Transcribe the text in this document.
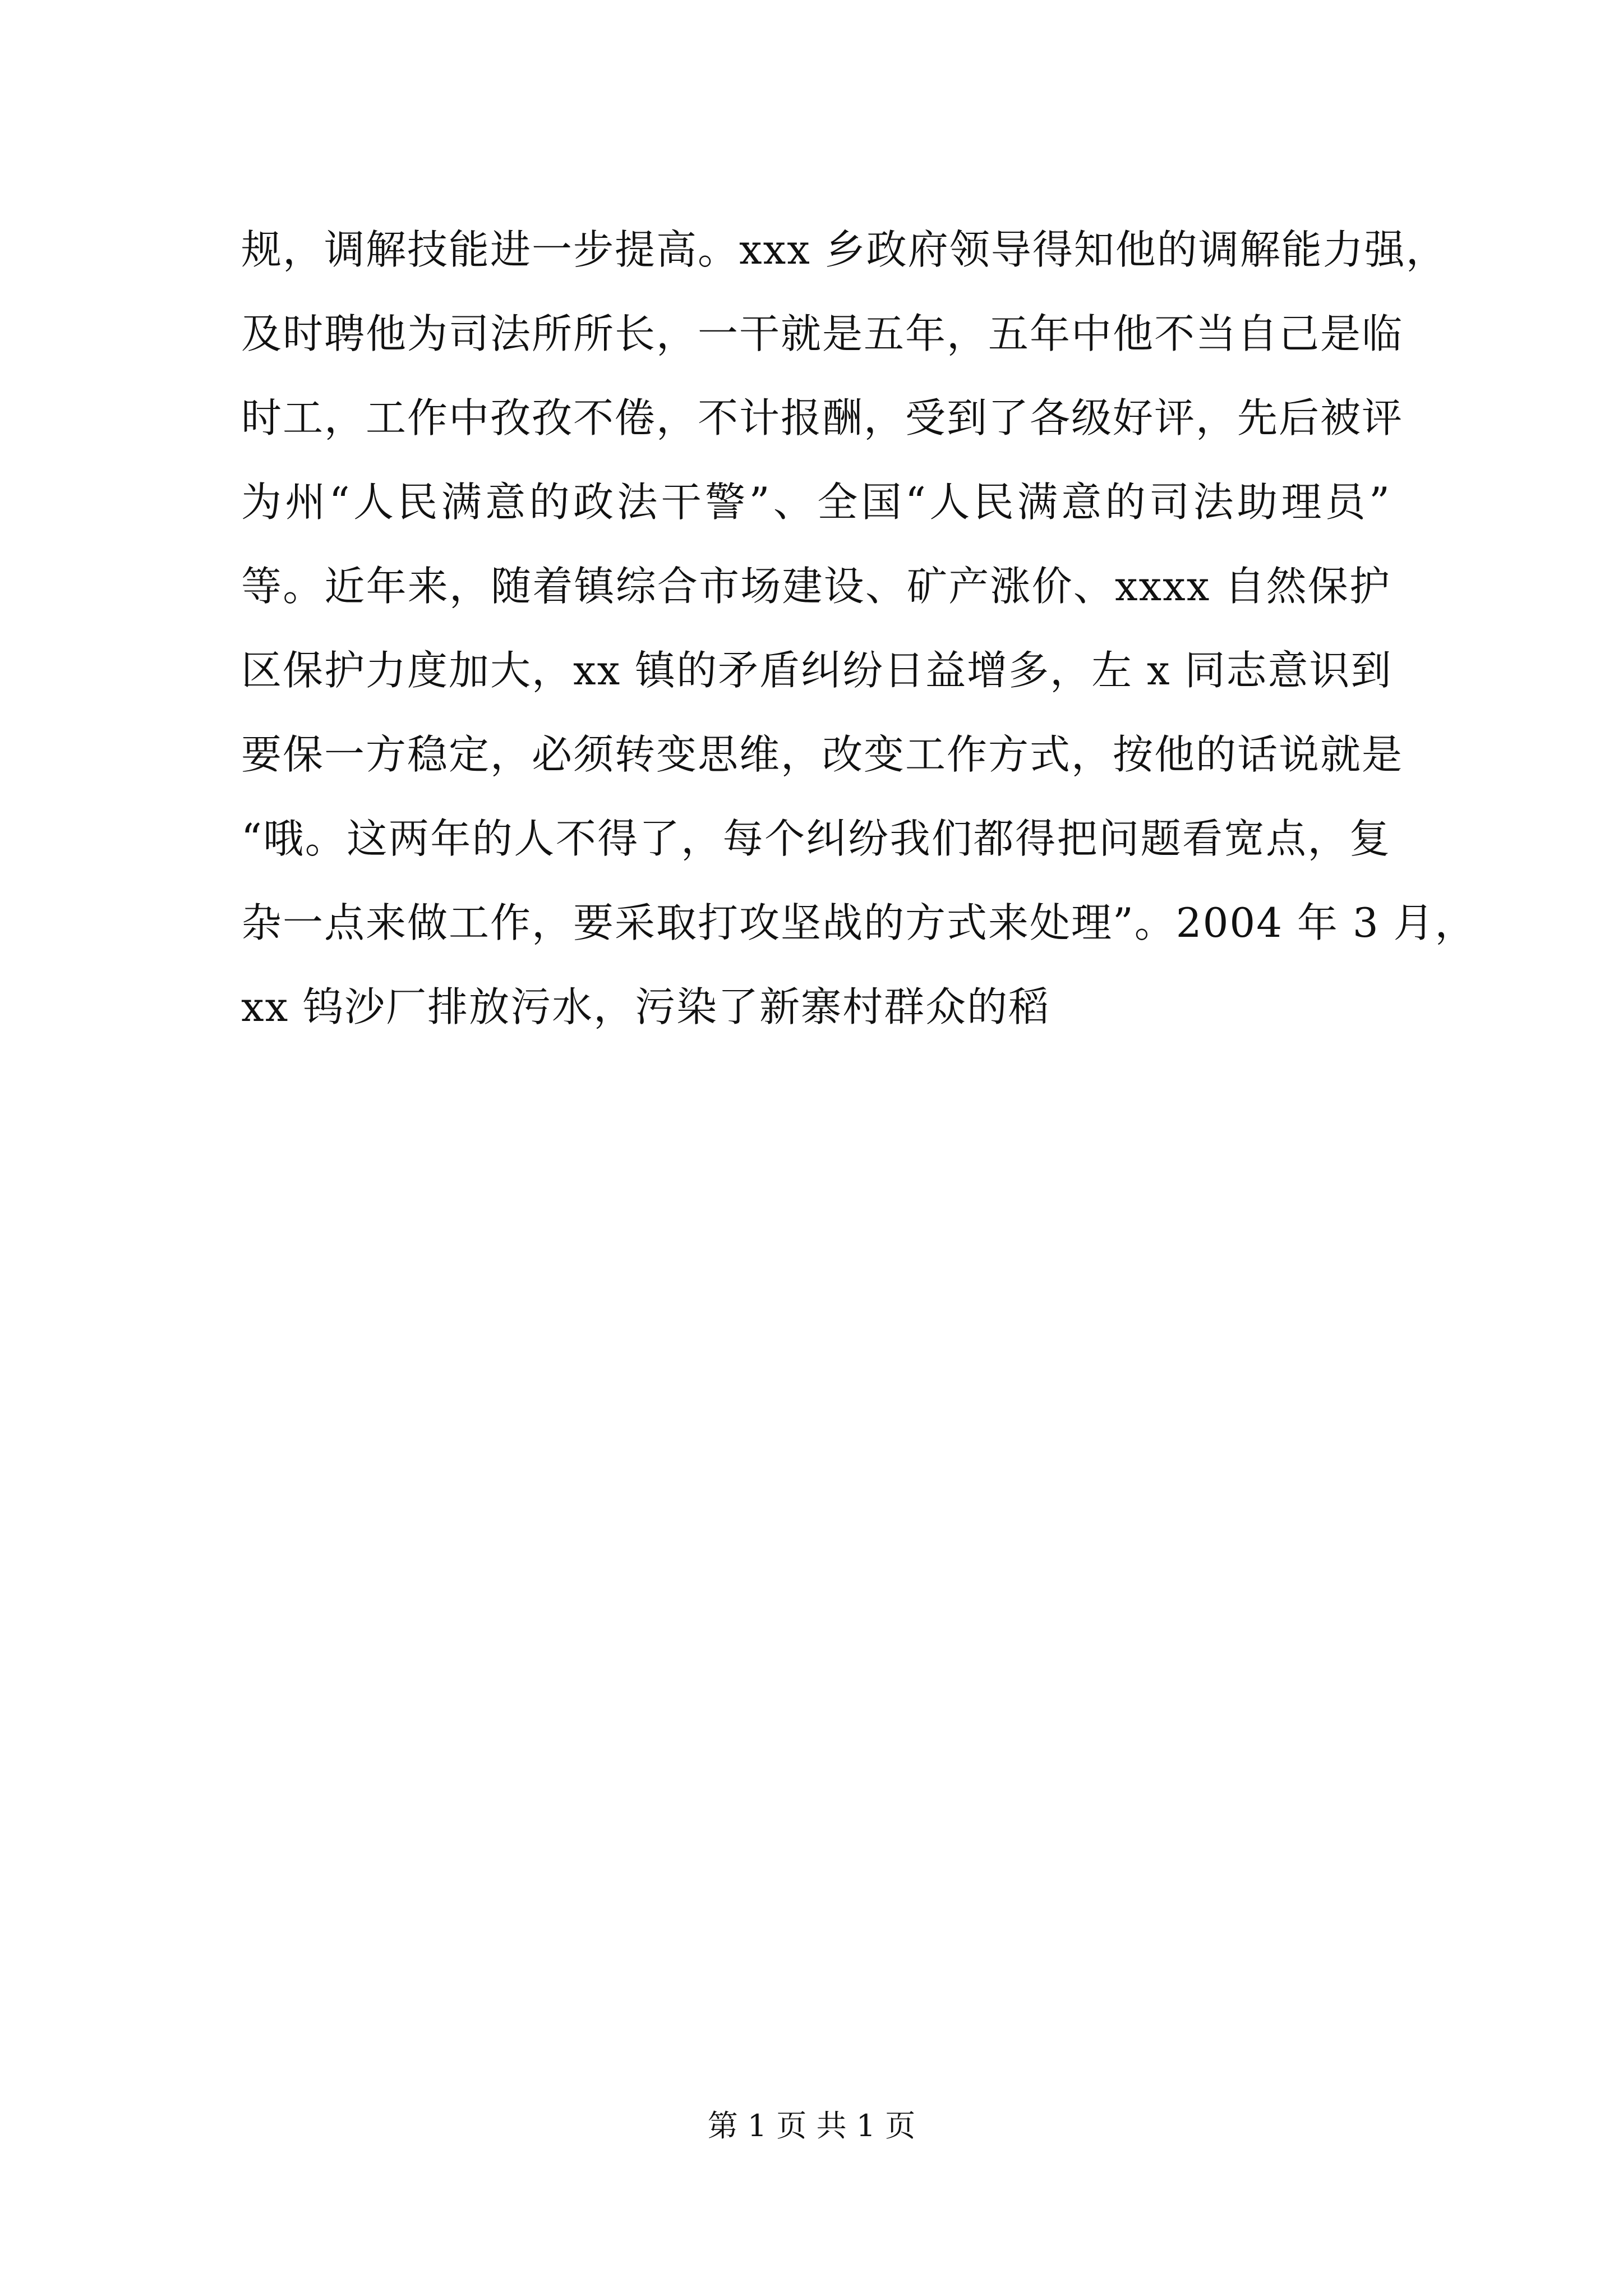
规，调解技能进一步提高。xxx 乡政府领导得知他的调解能力强，
及时聘他为司法所所长，一干就是五年，五年中他不当自己是临
时工，工作中孜孜不倦，不计报酬，受到了各级好评，先后被评
为州“人民满意的政法干警”、全国“人民满意的司法助理员”
等。近年来，随着镇综合市场建设、矿产涨价、xxxx 自然保护
区保护力度加大，xx 镇的矛盾纠纷日益增多，左 x 同志意识到
要保一方稳定，必须转变思维，改变工作方式，按他的话说就是
“哦。这两年的人不得了，每个纠纷我们都得把问题看宽点，复
杂一点来做工作，要采取打攻坚战的方式来处理”。2004 年 3 月，
xx 钨沙厂排放污水，污染了新寨村群众的稻
第 1 页 共 1 页
